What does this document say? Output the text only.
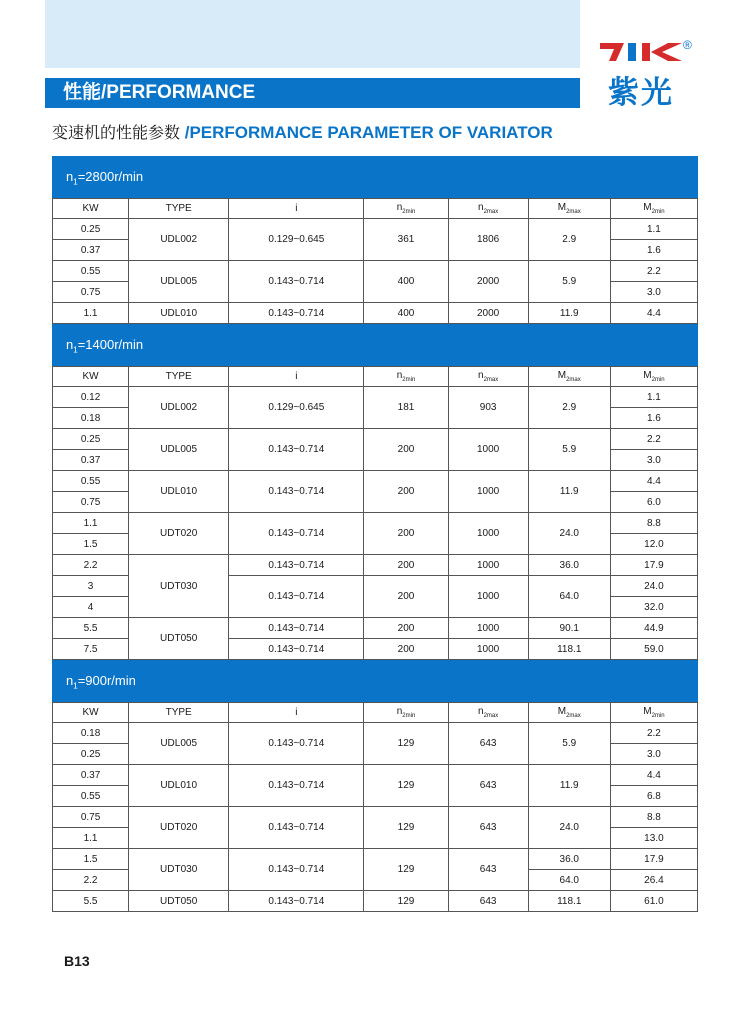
性能/PERFORMANCE
®
紫光
变速机的性能参数 /PERFORMANCE PARAMETER OF VARIATOR
$n_1=2800r/\min$
KW	TYPE	i	$n_{2min}$	$n_{2max}$	$M_{2max}$	$M_{2min}$
0.25	UDL002	0.129~0.645	361	1806	2.9	1.1
0.37						1.6
0.55	UDL005	0.143~0.714	400	2000	5.9	2.2
0.75						3.0
1.1	UDL010	0.143~0.714	400	2000	11.9	4.4
$n_1=1400r/\min$
KW	TYPE	i	$n_{2min}$	$n_{2max}$	$M_{2max}$	$M_{2min}$
0.12	UDL002	0.129~0.645	181	903	2.9	1.1
0.18						1.6
0.25	UDL005	0.143~0.714	200	1000	5.9	2.2
0.37						3.0
0.55	UDL010	0.143~0.714	200	1000	11.9	4.4
0.75						6.0
1.1	UDT020	0.143~0.714	200	1000	24.0	8.8
1.5						12.0
2.2	UDT030	0.143~0.714	200	1000	36.0	17.9
3		0.143~0.714	200	1000	64.0	24.0
4						32.0
5.5	UDT050	0.143~0.714	200	1000	90.1	44.9
7.5		0.143~0.714	200	1000	118.1	59.0
$n_1=900r/\min$
KW	TYPE	i	$n_{2min}$	$n_{2max}$	$M_{2max}$	$M_{2min}$
0.18	UDL005	0.143~0.714	129	643	5.9	2.2
0.25						3.0
0.37	UDL010	0.143~0.714	129	643	11.9	4.4
0.55						6.8
0.75	UDT020	0.143~0.714	129	643	24.0	8.8
1.1						13.0
1.5	UDT030	0.143~0.714	129	643	36.0	17.9
2.2					64.0	26.4
5.5	UDT050	0.143~0.714	129	643	118.1	61.0
B13
